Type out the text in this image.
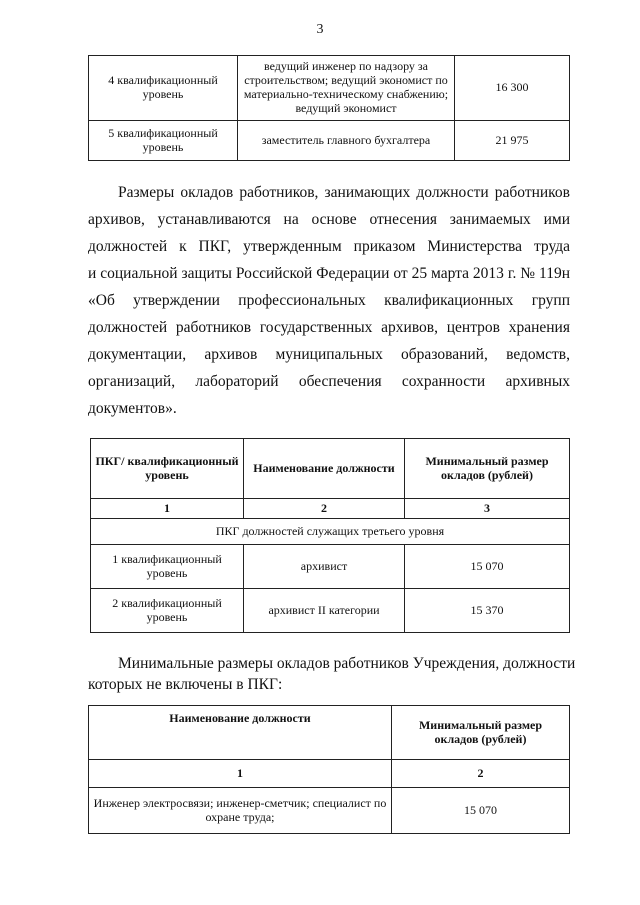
3
4 квалификационный уровень	ведущий инженер по надзору за строительством; ведущий экономист по материально-техническому снабжению; ведущий экономист	16 300
5 квалификационный уровень	заместитель главного бухгалтера	21 975
Размеры окладов работников, занимающих должности работников
архивов, устанавливаются на основе отнесения занимаемых ими
должностей к ПКГ, утвержденным приказом Министерства труда
и социальной защиты Российской Федерации от 25 марта 2013 г. № 119н
«Об утверждении профессиональных квалификационных групп
должностей работников государственных архивов, центров хранения
документации, архивов муниципальных образований, ведомств,
организаций, лабораторий обеспечения сохранности архивных
документов».
ПКГ/ квалификационный уровень	Наименование должности	Минимальный размер окладов (рублей)
1	2	3
ПКГ должностей служащих третьего уровня		
1 квалификационный уровень	архивист	15 070
2 квалификационный уровень	архивист II категории	15 370
Минимальные размеры окладов работников Учреждения, должности
которых не включены в ПКГ:
Наименование должности	Минимальный размер окладов (рублей)
1	2
Инженер электросвязи; инженер-сметчик; специалист по охране труда;	15 070
